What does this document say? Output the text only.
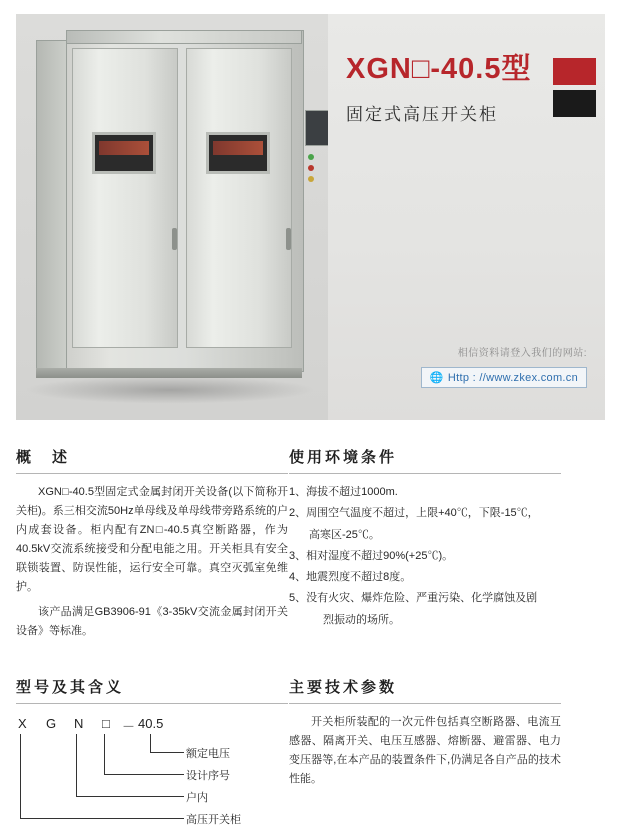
XGN□-40.5型
固定式高压开关柜
相信资料请登入我们的网站:
🌐 Http : //www.zkex.com.cn
概　述

XGN□-40.5型固定式金属封闭开关设备(以下简称开关柜)。系三相交流50Hz单母线及单母线带旁路系统的户内成套设备。柜内配有ZN□-40.5真空断路器，作为40.5kV交流系统接受和分配电能之用。开关柜具有安全联锁装置、防误性能，运行安全可靠。真空灭弧室免维护。

该产品满足GB3906-91《3-35kV交流金属封闭开关设备》等标准。

使用环境条件
1、海拔不超过1000m.
2、周围空气温度不超过，上限+40℃，下限-15℃，
高寒区-25℃。
3、相对湿度不超过90%(+25℃)。
4、地震烈度不超过8度。
5、没有火灾、爆炸危险、严重污染、化学腐蚀及剧
烈振动的场所。
型号及其含义
X G N □ － 40.5
额定电压
设计序号
户内
高压开关柜
主要技术参数

开关柜所装配的一次元件包括真空断路器、电流互感器、隔离开关、电压互感器、熔断器、避雷器、电力变压器等,在本产品的装置条件下,仍满足各自产品的技术性能。
